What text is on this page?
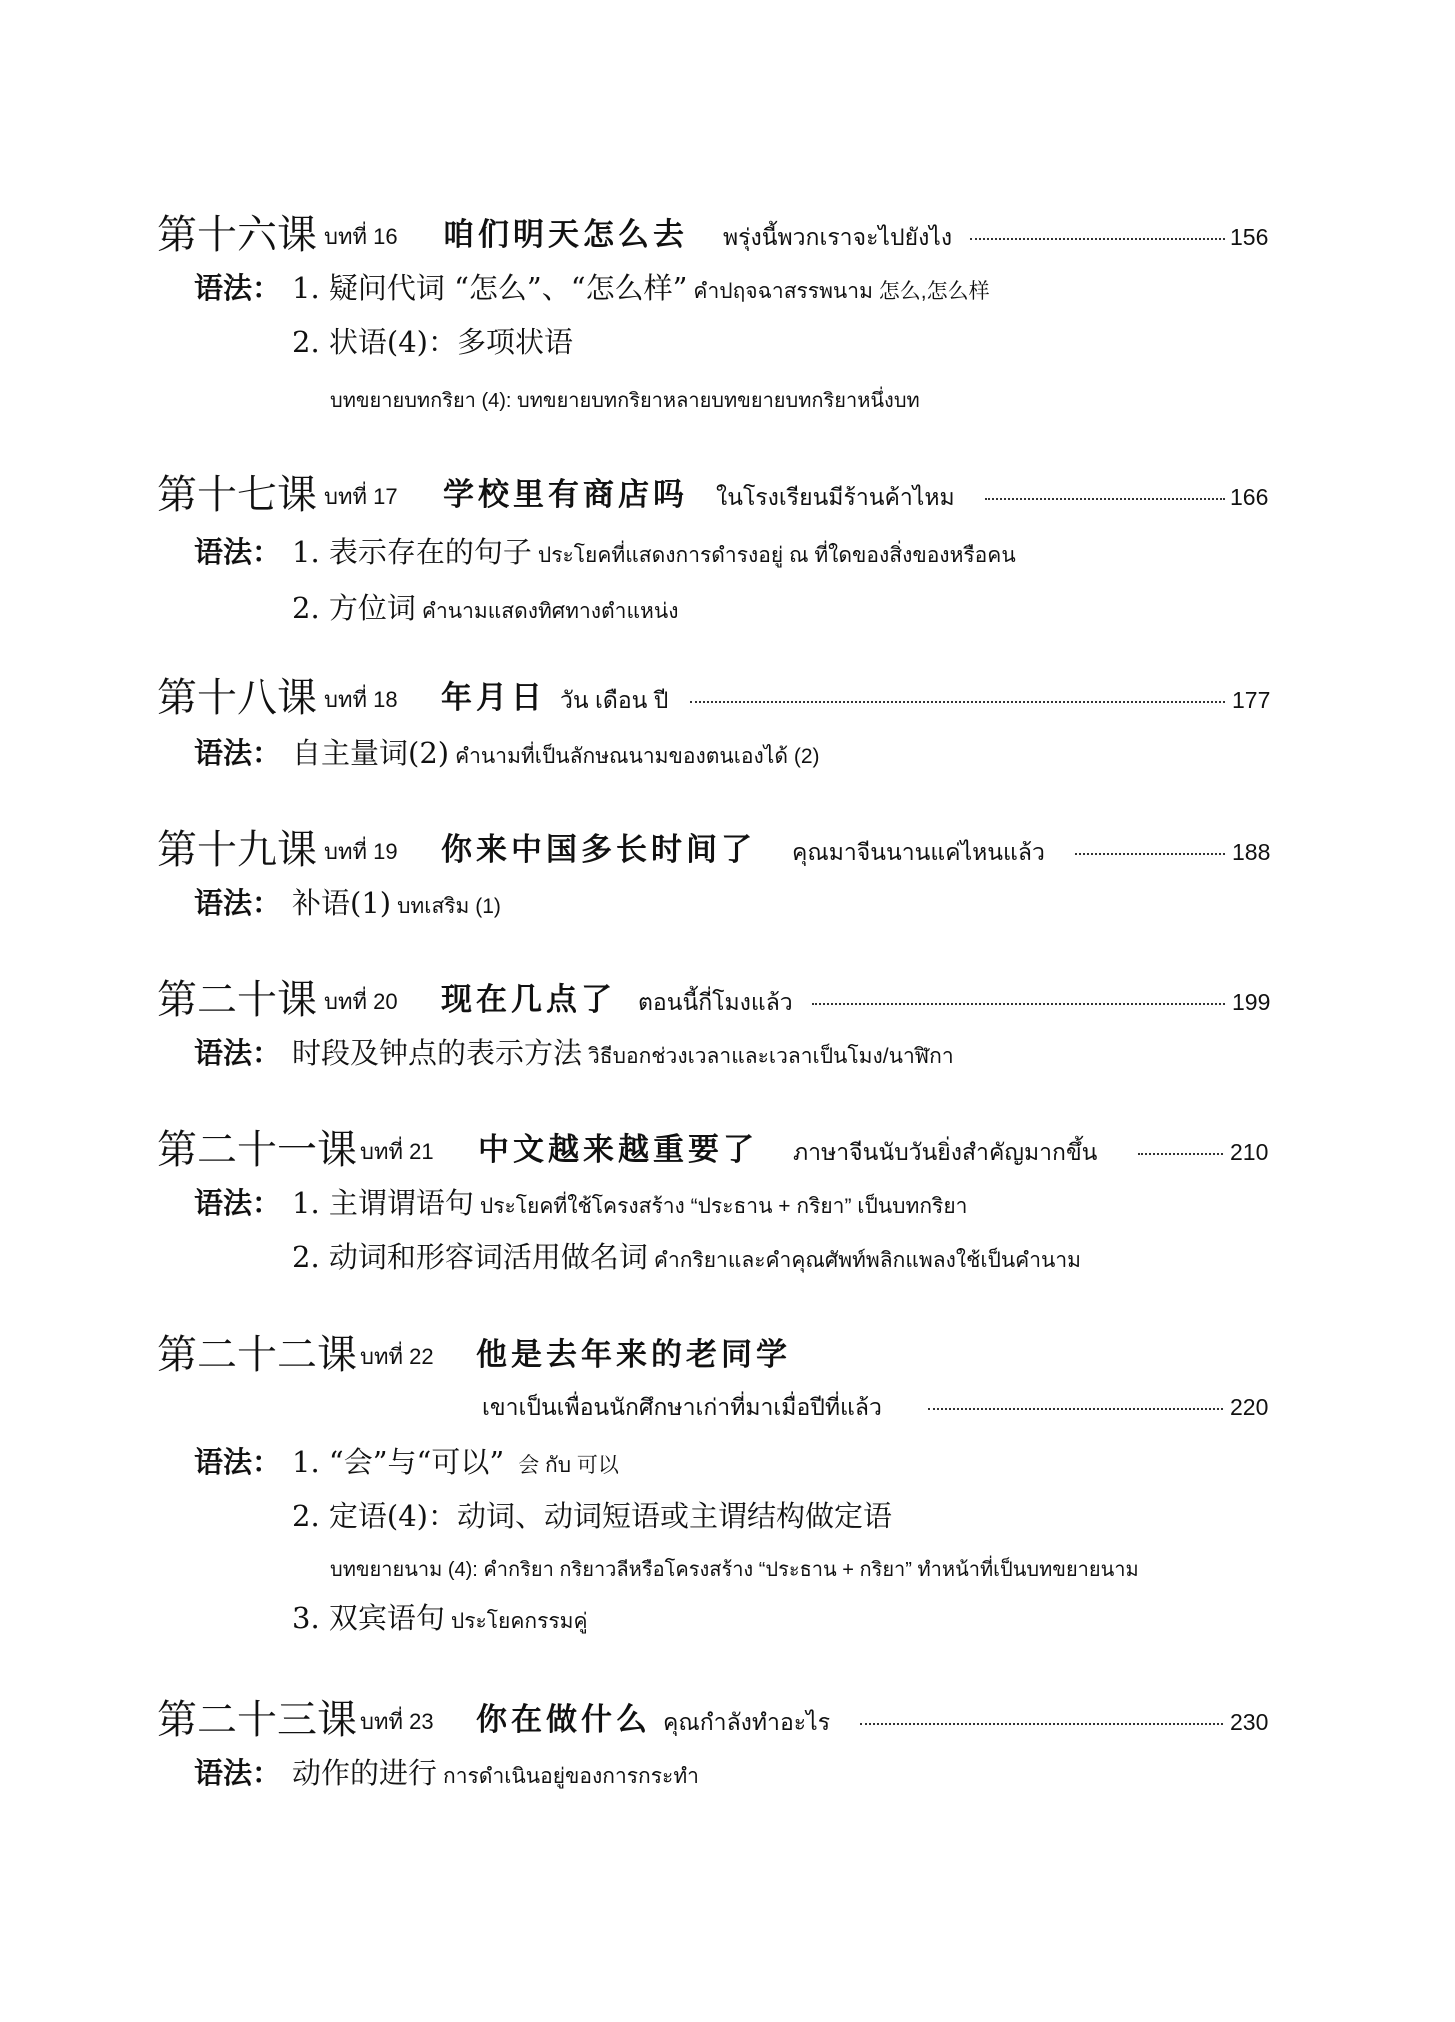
第十六课 บทที่ 16 咱们明天怎么去 พรุ่งนี้พวกเราจะไปยังไง	156
语法： 1. 疑问代词 “怎么”、“怎么样” คำปฤจฉาสรรพนาม 怎么,怎么样
2. 状语(4)：多项状语
บทขยายบทกริยา (4): บทขยายบทกริยาหลายบทขยายบทกริยาหนึ่งบท
第十七课 บทที่ 17 学校里有商店吗 ในโรงเรียนมีร้านค้าไหม	166
语法： 1. 表示存在的句子 ประโยคที่แสดงการดำรงอยู่ ณ ที่ใดของสิ่งของหรือคน
2. 方位词 คำนามแสดงทิศทางตำแหน่ง
第十八课 บทที่ 18 年月日 วัน เดือน ปี	177
语法： 自主量词(2) คำนามที่เป็นลักษณนามของตนเองได้ (2)
第十九课 บทที่ 19 你来中国多长时间了 คุณมาจีนนานแค่ไหนแล้ว	188
语法： 补语(1) บทเสริม (1)
第二十课 บทที่ 20 现在几点了 ตอนนี้กี่โมงแล้ว	199
语法： 时段及钟点的表示方法 วิธีบอกช่วงเวลาและเวลาเป็นโมง/นาฬิกา
第二十一课 บทที่ 21 中文越来越重要了 ภาษาจีนนับวันยิ่งสำคัญมากขึ้น	210
语法： 1. 主谓谓语句 ประโยคที่ใช้โครงสร้าง “ประธาน + กริยา” เป็นบทกริยา
2. 动词和形容词活用做名词 คำกริยาและคำคุณศัพท์พลิกแพลงใช้เป็นคำนาม
第二十二课 บทที่ 22 他是去年来的老同学
เขาเป็นเพื่อนนักศึกษาเก่าที่มาเมื่อปีที่แล้ว	220
语法： 1. “会”与“可以” 会 กับ 可以
2. 定语(4)：动词、动词短语或主谓结构做定语
บทขยายนาม (4): คำกริยา กริยาวลีหรือโครงสร้าง “ประธาน + กริยา” ทำหน้าที่เป็นบทขยายนาม
3. 双宾语句 ประโยคกรรมคู่
第二十三课 บทที่ 23 你在做什么 คุณกำลังทำอะไร	230
语法： 动作的进行 การดำเนินอยู่ของการกระทำ
